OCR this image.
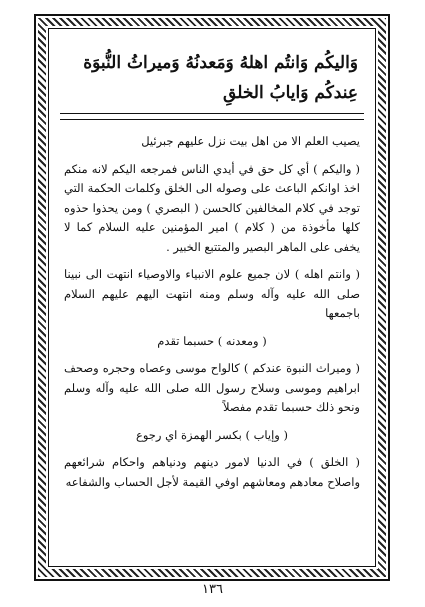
وَاليكُم وَانتُم اهلهُ وَمَعدنُهُ وَميراثُ النُّبوَة عِندكُم وَايابُ الخلقِ

يصيب العلم الا من اهل بيت نزل عليهم جبرئيل

( واليكم ) أي كل حق في أيدي الناس فمرجعه اليكم لانه منكم اخذ اوانكم الباعث على وصوله الى الخلق وكلمات الحكمة التي توجد في كلام المخالفين كالحسن ( البصري ) ومن يحذوا حذوه كلها مأخوذة من ( كلام ) امير المؤمنين عليه السلام كما لا يخفى على الماهر البصير والمتتبع الخبير .

( وانتم اهله ) لان جميع علوم الانبياء والاوصياء انتهت الى نبينا صلى الله عليه وآله وسلم ومنه انتهت اليهم عليهم السلام باجمعها

( ومعدنه ) حسبما تقدم

( وميراث النبوة عندكم ) كالواح موسى وعصاه وحجره وصحف ابراهيم وموسى وسلاح رسول الله صلى الله عليه وآله وسلم ونحو ذلك حسبما تقدم مفصلاً

( وإياب ) بكسر الهمزة اي رجوع

( الخلق ) في الدنيا لامور دينهم ودنياهم واحكام شرائعهم واصلاح معادهم ومعاشهم اوفي القيمة لأجل الحساب والشفاعه

١٣٦
